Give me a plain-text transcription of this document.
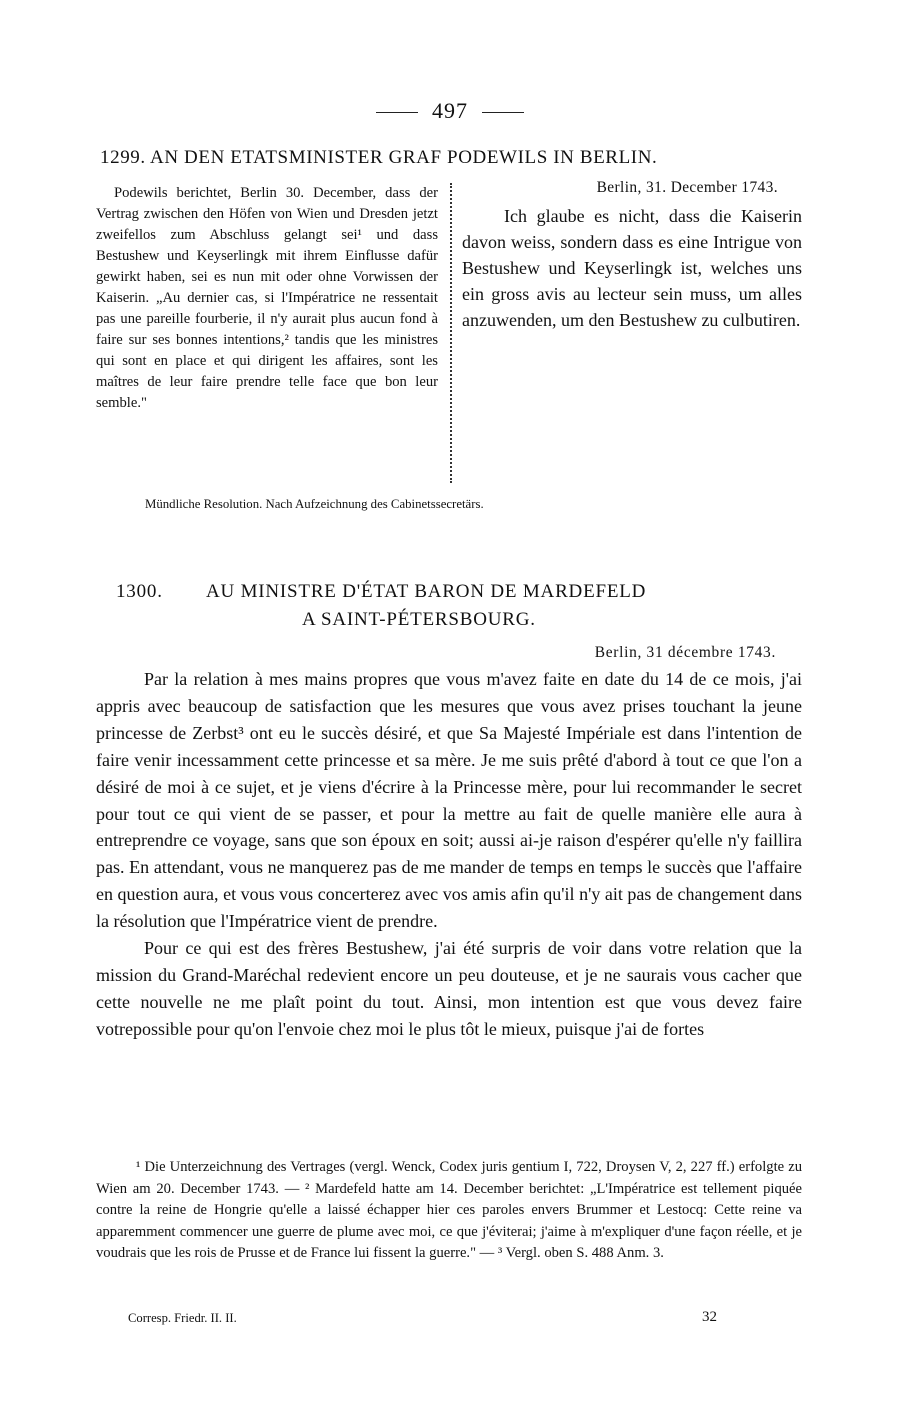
497
1299. AN DEN ETATSMINISTER GRAF PODEWILS IN BERLIN.

Podewils berichtet, Berlin 30. December, dass der Vertrag zwischen den Höfen von Wien und Dresden jetzt zweifellos zum Abschluss gelangt sei¹ und dass Bestushew und Keyserlingk mit ihrem Einflusse dafür gewirkt haben, sei es nun mit oder ohne Vorwissen der Kaiserin. „Au dernier cas, si l'Impératrice ne ressentait pas une pareille fourberie, il n'y aurait plus aucun fond à faire sur ses bonnes intentions,² tandis que les ministres qui sont en place et qui dirigent les affaires, sont les maîtres de leur faire prendre telle face que bon leur semble."

Berlin, 31. December 1743.

Ich glaube es nicht, dass die Kaiserin davon weiss, sondern dass es eine Intrigue von Bestushew und Keyserlingk ist, welches uns ein gross avis au lecteur sein muss, um alles anzuwenden, um den Bestushew zu culbutiren.

Mündliche Resolution. Nach Aufzeichnung des Cabinetssecretärs.
1300. AU MINISTRE D'ÉTAT BARON DE MARDEFELD
A SAINT-PÉTERSBOURG.
Berlin, 31 décembre 1743.

Par la relation à mes mains propres que vous m'avez faite en date du 14 de ce mois, j'ai appris avec beaucoup de satisfaction que les mesures que vous avez prises touchant la jeune princesse de Zerbst³ ont eu le succès désiré, et que Sa Majesté Impériale est dans l'intention de faire venir incessamment cette princesse et sa mère. Je me suis prêté d'abord à tout ce que l'on a désiré de moi à ce sujet, et je viens d'écrire à la Princesse mère, pour lui recommander le secret pour tout ce qui vient de se passer, et pour la mettre au fait de quelle manière elle aura à entreprendre ce voyage, sans que son époux en soit; aussi ai-je raison d'espérer qu'elle n'y faillira pas. En attendant, vous ne manquerez pas de me mander de temps en temps le succès que l'affaire en question aura, et vous vous concerterez avec vos amis afin qu'il n'y ait pas de changement dans la résolution que l'Impératrice vient de prendre.

Pour ce qui est des frères Bestushew, j'ai été surpris de voir dans votre relation que la mission du Grand-Maréchal redevient encore un peu douteuse, et je ne saurais vous cacher que cette nouvelle ne me plaît point du tout. Ainsi, mon intention est que vous devez faire votrepossible pour qu'on l'envoie chez moi le plus tôt le mieux, puisque j'ai de fortes

¹ Die Unterzeichnung des Vertrages (vergl. Wenck, Codex juris gentium I, 722, Droysen V, 2, 227 ff.) erfolgte zu Wien am 20. December 1743. — ² Mardefeld hatte am 14. December berichtet: „L'Impératrice est tellement piquée contre la reine de Hongrie qu'elle a laissé échapper hier ces paroles envers Brummer et Lestocq: Cette reine va apparemment commencer une guerre de plume avec moi, ce que j'éviterai; j'aime à m'expliquer d'une façon réelle, et je voudrais que les rois de Prusse et de France lui fissent la guerre." — ³ Vergl. oben S. 488 Anm. 3.

Corresp. Friedr. II. II.	32
